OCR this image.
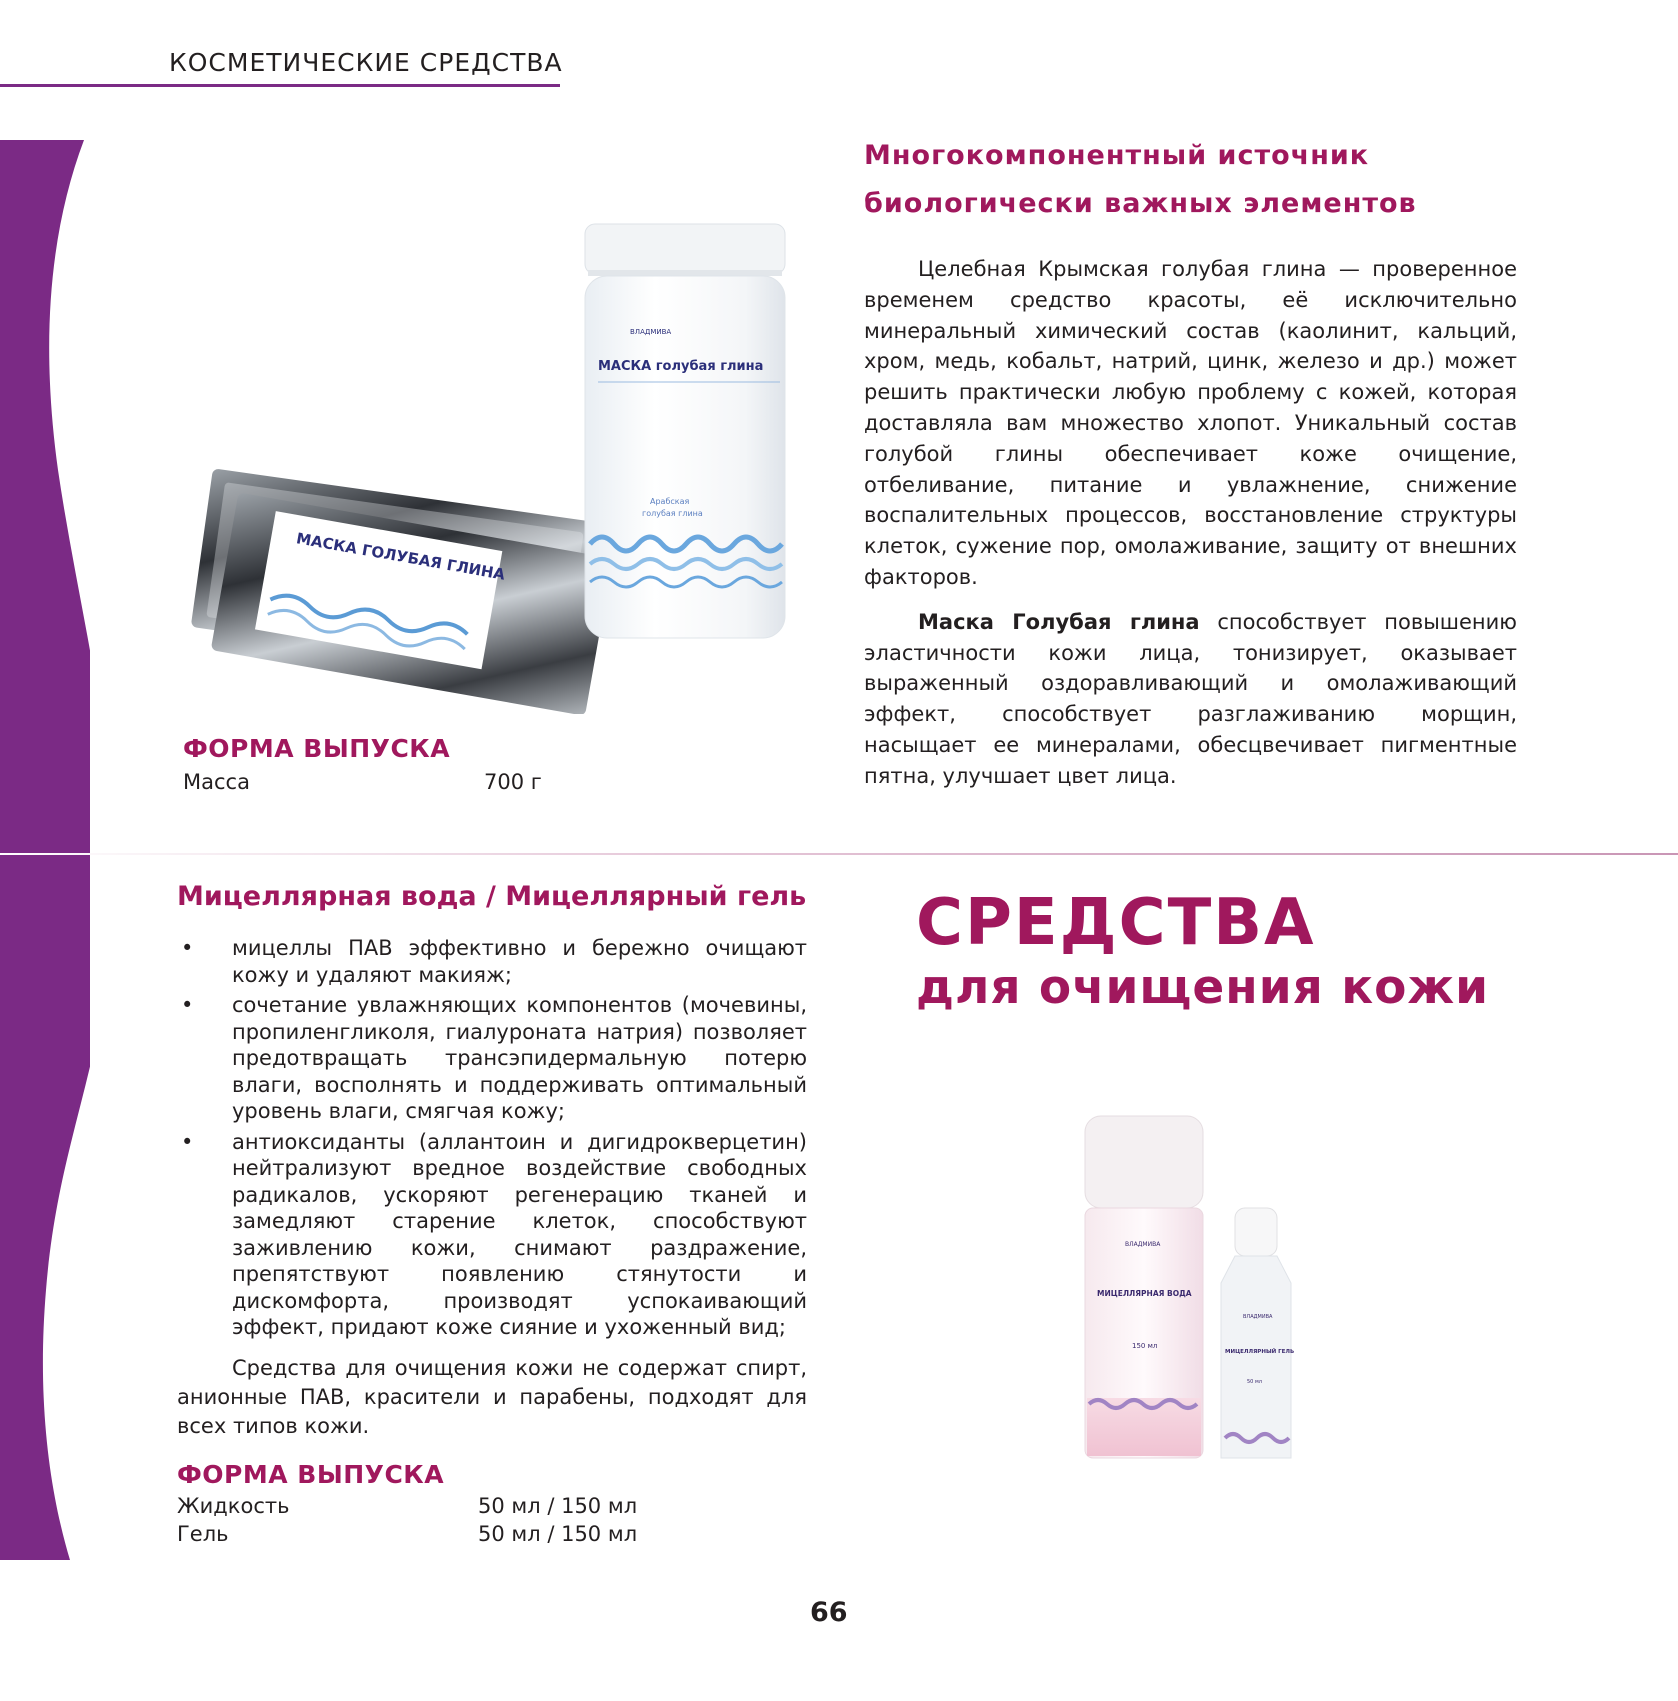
КОСМЕТИЧЕСКИЕ СРЕДСТВА
МАСКА ГОЛУБАЯ ГЛИНА
ВЛАДМИВА
МАСКА голубая глина
Арабская
голубая глина
Многокомпонентный источник
биологически важных элементов

Целебная Крымская голубая глина — проверенное временем средство красоты, её исключительно минеральный химический состав (каолинит, кальций, хром, медь, кобальт, натрий, цинк, железо и др.) может решить практически любую проблему с кожей, которая доставляла вам множество хлопот. Уникальный состав голубой глины обеспечивает коже очищение, отбеливание, питание и увлажнение, снижение воспалительных процессов, восстановление структуры клеток, сужение пор, омолаживание, защиту от внешних факторов.

Маска Голубая глина способствует повышению эластичности кожи лица, тонизирует, оказывает выраженный оздоравливающий и омолаживающий эффект, способствует разглаживанию морщин, насыщает ее минералами, обесцвечивает пигментные пятна, улучшает цвет лица.

ФОРМА ВЫПУСКА
Масса	700 г
Мицеллярная вода / Мицеллярный гель
• мицеллы ПАВ эффективно и бережно очищают кожу и удаляют макияж;
• сочетание увлажняющих компонентов (мочевины, пропиленгликоля, гиалуроната натрия) позволяет предотвращать трансэпидермальную потерю влаги, восполнять и поддерживать оптимальный уровень влаги, смягчая кожу;
• антиоксиданты (аллантоин и дигидрокверцетин) нейтрализуют вредное воздействие свободных радикалов, ускоряют регенерацию тканей и замедляют старение клеток, способствуют заживлению кожи, снимают раздражение, препятствуют появлению стянутости и дискомфорта, производят успокаивающий эффект, придают коже сияние и ухоженный вид;

Средства для очищения кожи не содержат спирт, анионные ПАВ, красители и парабены, подходят для всех типов кожи.

ФОРМА ВЫПУСКА
Жидкость	50 мл / 150 мл
Гель	50 мл / 150 мл
СРЕДСТВА
для очищения кожи
ВЛАДМИВА
МИЦЕЛЛЯРНАЯ ВОДА
150 мл
ВЛАДМИВА
МИЦЕЛЛЯРНЫЙ ГЕЛЬ
50 мл
66
